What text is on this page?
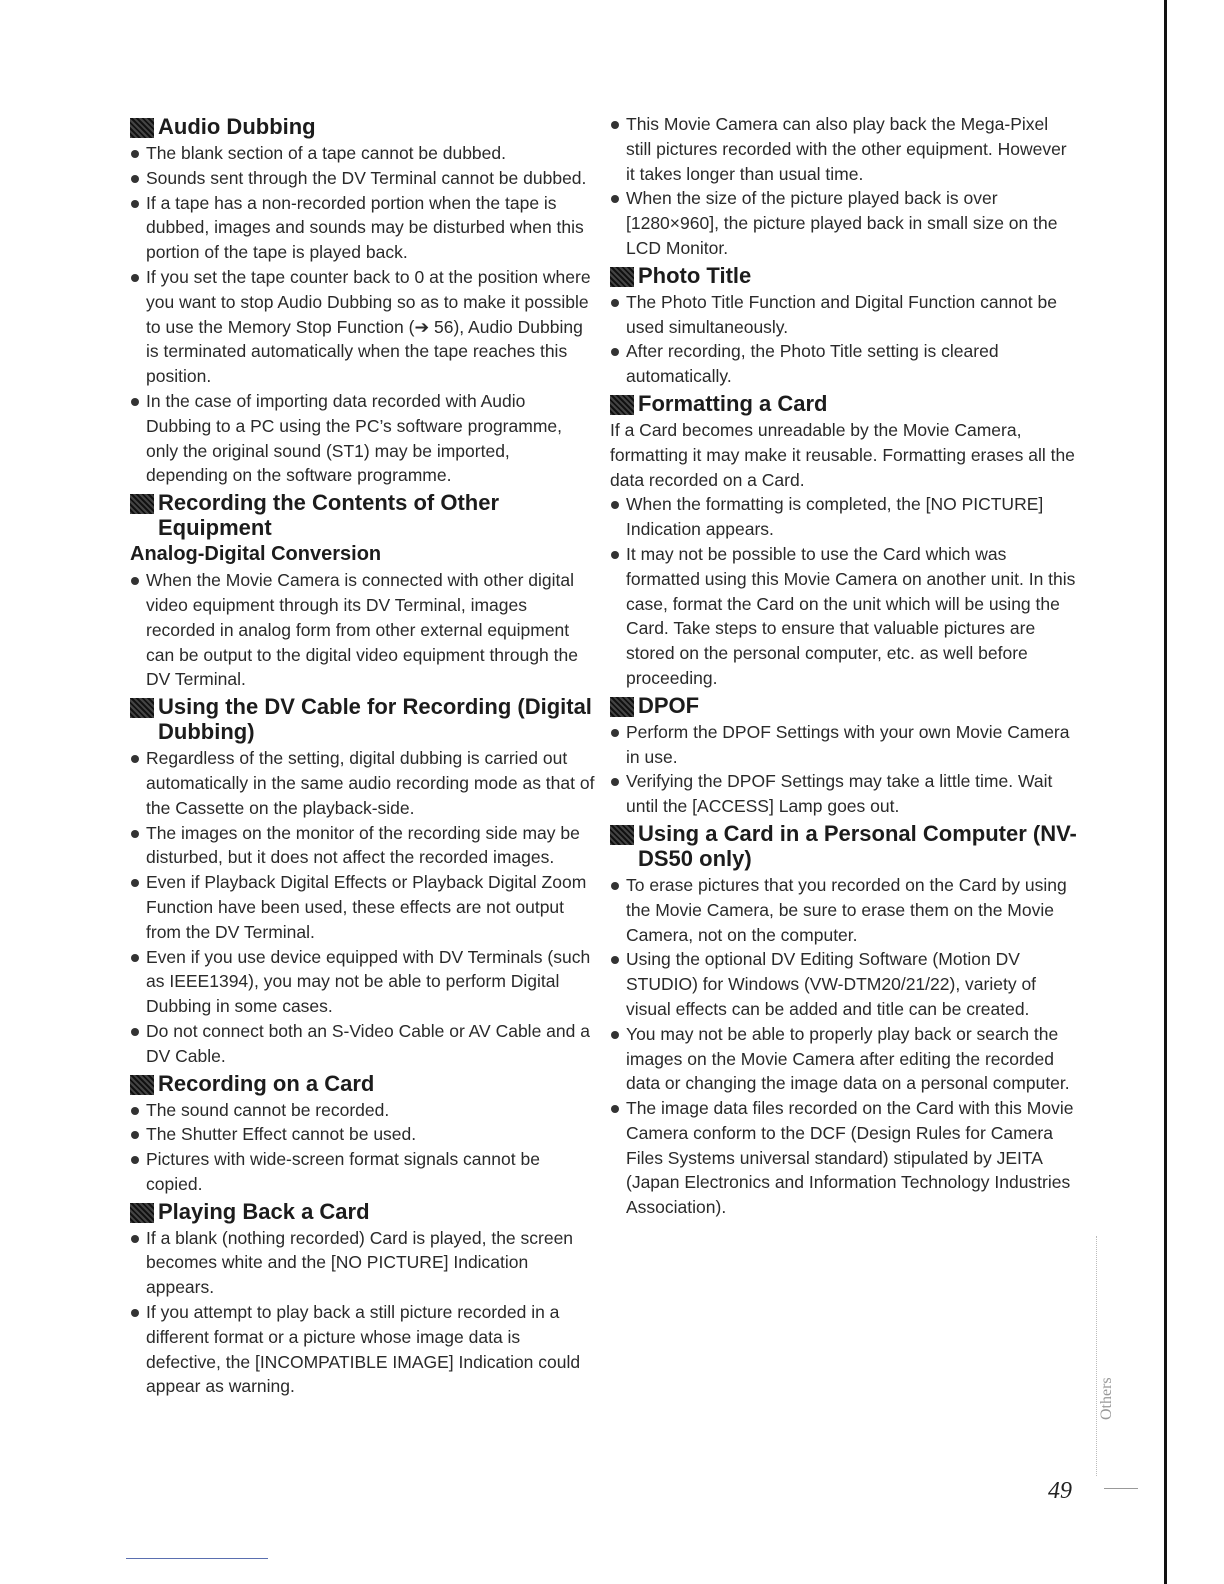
Audio Dubbing
The blank section of a tape cannot be dubbed.
Sounds sent through the DV Terminal cannot be dubbed.
If a tape has a non-recorded portion when the tape is dubbed, images and sounds may be disturbed when this portion of the tape is played back.
If you set the tape counter back to 0 at the position where you want to stop Audio Dubbing so as to make it possible to use the Memory Stop Function (➔ 56), Audio Dubbing is terminated automatically when the tape reaches this position.
In the case of importing data recorded with Audio Dubbing to a PC using the PC’s software programme, only the original sound (ST1) may be imported, depending on the software programme.
Recording the Contents of Other Equipment
Analog-Digital Conversion
When the Movie Camera is connected with other digital video equipment through its DV Terminal, images recorded in analog form from other external equipment can be output to the digital video equipment through the DV Terminal.
Using the DV Cable for Recording (Digital Dubbing)
Regardless of the setting, digital dubbing is carried out automatically in the same audio recording mode as that of the Cassette on the playback-side.
The images on the monitor of the recording side may be disturbed, but it does not affect the recorded images.
Even if Playback Digital Effects or Playback Digital Zoom Function have been used, these effects are not output from the DV Terminal.
Even if you use device equipped with DV Terminals (such as IEEE1394), you may not be able to perform Digital Dubbing in some cases.
Do not connect both an S-Video Cable or AV Cable and a DV Cable.
Recording on a Card
The sound cannot be recorded.
The Shutter Effect cannot be used.
Pictures with wide-screen format signals cannot be copied.
Playing Back a Card
If a blank (nothing recorded) Card is played, the screen becomes white and the [NO PICTURE] Indication appears.
If you attempt to play back a still picture recorded in a different format or a picture whose image data is defective, the [INCOMPATIBLE IMAGE] Indication could appear as warning.
This Movie Camera can also play back the Mega-Pixel still pictures recorded with the other equipment. However it takes longer than usual time.
When the size of the picture played back is over [1280×960], the picture played back in small size on the LCD Monitor.
Photo Title
The Photo Title Function and Digital Function cannot be used simultaneously.
After recording, the Photo Title setting is cleared automatically.
Formatting a Card

If a Card becomes unreadable by the Movie Camera, formatting it may make it reusable. Formatting erases all the data recorded on a Card.

When the formatting is completed, the [NO PICTURE] Indication appears.
It may not be possible to use the Card which was formatted using this Movie Camera on another unit. In this case, format the Card on the unit which will be using the Card. Take steps to ensure that valuable pictures are stored on the personal computer, etc. as well before proceeding.
DPOF
Perform the DPOF Settings with your own Movie Camera in use.
Verifying the DPOF Settings may take a little time. Wait until the [ACCESS] Lamp goes out.
Using a Card in a Personal Computer (NV-DS50 only)
To erase pictures that you recorded on the Card by using the Movie Camera, be sure to erase them on the Movie Camera, not on the computer.
Using the optional DV Editing Software (Motion DV STUDIO) for Windows (VW-DTM20/21/22), variety of visual effects can be added and title can be created.
You may not be able to properly play back or search the images on the Movie Camera after editing the recorded data or changing the image data on a personal computer.
The image data files recorded on the Card with this Movie Camera conform to the DCF (Design Rules for Camera Files Systems universal standard) stipulated by JEITA (Japan Electronics and Information Technology Industries Association).
Others
49
